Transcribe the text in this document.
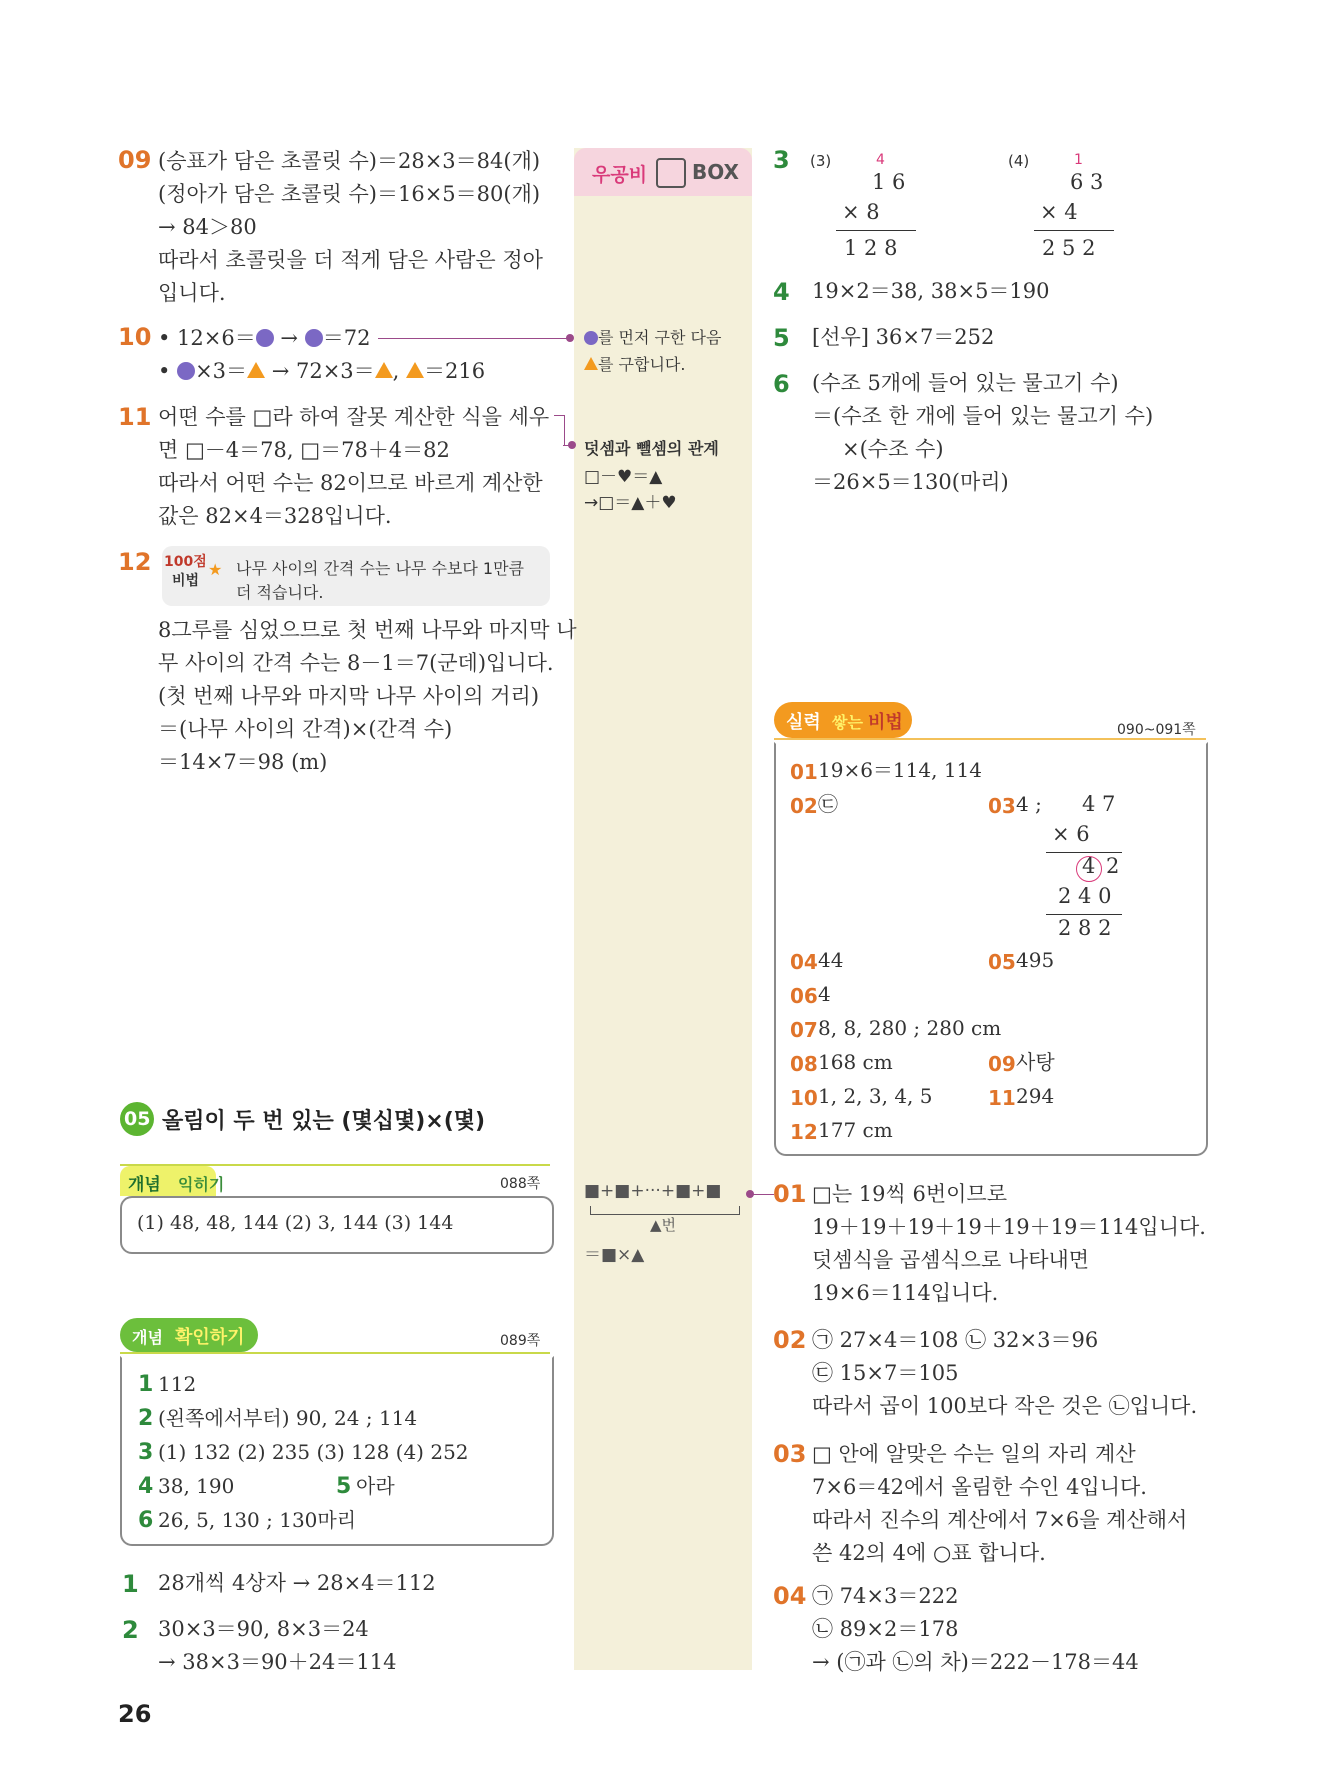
우공비 BOX
09 (승표가 담은 초콜릿 수)＝28×3＝84(개)
(정아가 담은 초콜릿 수)＝16×5＝80(개)
→ 84＞80
따라서 초콜릿을 더 적게 담은 사람은 정아
입니다.
10 • 12×6＝ → ＝72
• ×3＝ → 72×3＝ , ＝216
11 어떤 수를 □라 하여 잘못 계산한 식을 세우
면 □－4＝78, □＝78＋4＝82
따라서 어떤 수는 82이므로 바르게 계산한
값은 82×4＝328입니다.
12 100점
비법
★ 나무 사이의 간격 수는 나무 수보다 1만큼
더 적습니다.
8그루를 심었으므로 첫 번째 나무와 마지막 나
무 사이의 간격 수는 8－1＝7(군데)입니다.
(첫 번째 나무와 마지막 나무 사이의 거리)
＝(나무 사이의 간격)×(간격 수)
＝14×7＝98 (m)
05 올림이 두 번 있는 (몇십몇)×(몇)
개념 익히기	088쪽
(1) 48, 48, 144 (2) 3, 144 (3) 144
개념 확인하기	089쪽
1 112
2 (왼쪽에서부터) 90, 24 ; 114
3 (1) 132 (2) 235 (3) 128 (4) 252
4 38, 190	5 아라
6 26, 5, 130 ; 130마리
1 28개씩 4상자 → 28×4＝112
2 30×3＝90, 8×3＝24
→ 38×3＝90＋24＝114
26
를 먼저 구한 다음
를 구합니다.
덧셈과 뺄셈의 관계
□－♥＝▲
→□＝▲＋♥
■+■+···+■+■
▲번
＝■×▲
3 (3)	4
1 6
× 8
1 2 8
(4)	1
6 3
× 4
2 5 2
4 19×2＝38, 38×5＝190
5 [선우] 36×7＝252
6 (수조 5개에 들어 있는 물고기 수)
＝(수조 한 개에 들어 있는 물고기 수)
×(수조 수)
＝26×5＝130(마리)
실력 쌓는 비법	090~091쪽
01 19×6＝114, 114
02 ㉢	03 4 ; 4 7
× 6
4 2
2 4 0
2 8 2
04 44	05 495
06 4
07 8, 8, 280 ; 280 cm
08 168 cm	09 사탕
10 1, 2, 3, 4, 5	11 294
12 177 cm
01 □는 19씩 6번이므로
19＋19＋19＋19＋19＋19＝114입니다.
덧셈식을 곱셈식으로 나타내면
19×6＝114입니다.
02 ㉠ 27×4＝108 ㉡ 32×3＝96
㉢ 15×7＝105
따라서 곱이 100보다 작은 것은 ㉡입니다.
03 □ 안에 알맞은 수는 일의 자리 계산
7×6＝42에서 올림한 수인 4입니다.
따라서 진수의 계산에서 7×6을 계산해서
쓴 42의 4에 ○표 합니다.
04 ㉠ 74×3＝222
㉡ 89×2＝178
→ (㉠과 ㉡의 차)＝222－178＝44
